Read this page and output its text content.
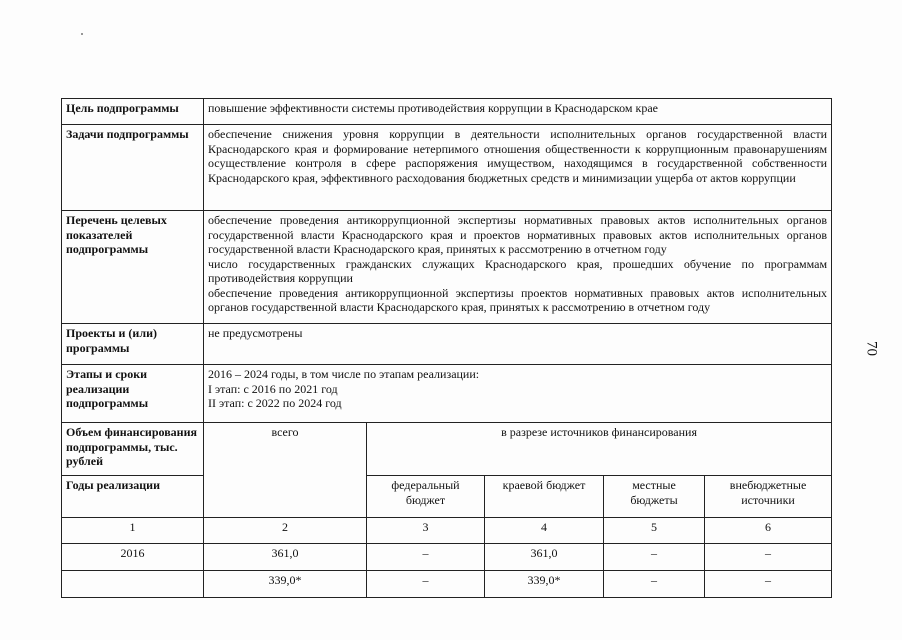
70
Цель подпрограммы	повышение эффективности системы противодействия коррупции в Краснодарском крае				

Задачи подпрограммы	обеспечение снижения уровня коррупции в деятельности исполнительных органов государственной власти Краснодарского края и формирование нетерпимого отношения общественности к коррупционным правонарушениям осуществление контроля в сфере распоряжения имуществом, находящимся в государственной собственности Краснодарского края, эффективного расходования бюджетных средств и минимизации ущерба от актов коррупции				

Перечень целевых показателей подпрограммы	обеспечение проведения антикоррупционной экспертизы нормативных правовых актов исполнительных органов государственной власти Краснодарского края и проектов нормативных правовых актов исполнительных органов государственной власти Краснодарского края, принятых к рассмотрению в отчетном году
число государственных гражданских служащих Краснодарского края, прошедших обучение по программам противодействия коррупции
обеспечение проведения антикоррупционной экспертизы проектов нормативных правовых актов исполнительных органов государственной власти Краснодарского края, принятых к рассмотрению в отчетном году				

Проекты и (или) программы	не предусмотрены				
Этапы и сроки реализации подпрограммы	2016 – 2024 годы, в том числе по этапам реализации:
I этап: с 2016 по 2021 год
II этап: с 2022 по 2024 год				

Объем финансирования подпрограммы, тыс. рублей	всего	в разрезе источников финансирования			
Годы реализации		федеральный бюджет	краевой бюджет	местные бюджеты	внебюджетные источники
1	2	3	4	5	6
2016	361,0	–	361,0	–	–
	339,0*	–	339,0*	–	–
